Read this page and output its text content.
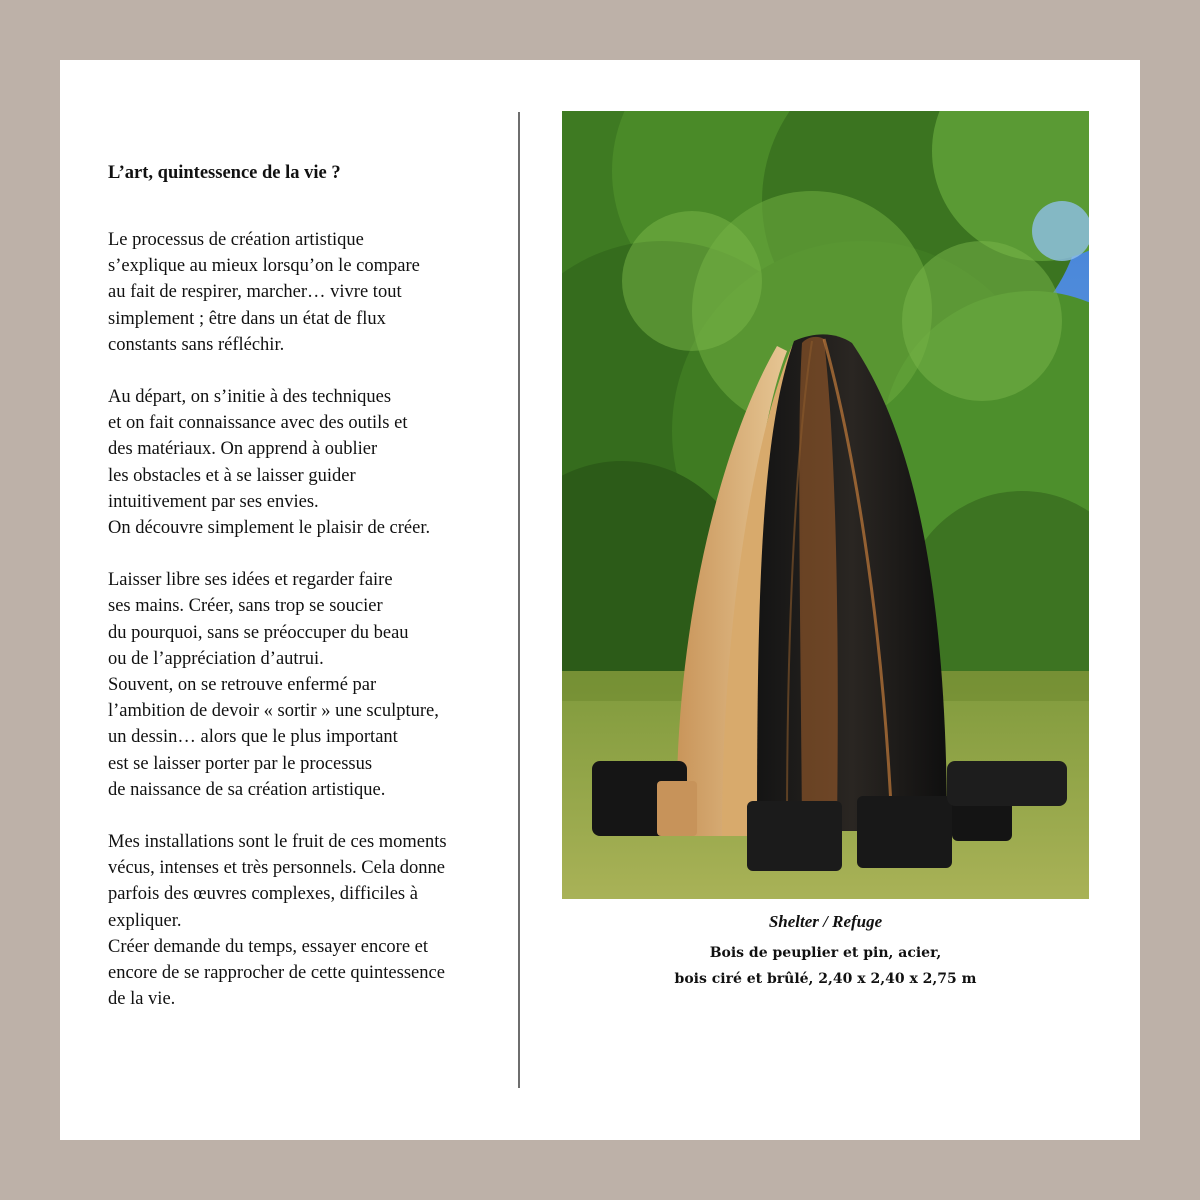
L’art, quintessence de la vie ?

Le processus de création artistique
s’explique au mieux lorsqu’on le compare
au fait de respirer, marcher… vivre tout
simplement ; être dans un état de flux
constants sans réfléchir.

Au départ, on s’initie à des techniques
et on fait connaissance avec des outils et
des matériaux. On apprend à oublier
les obstacles et à se laisser guider
intuitivement par ses envies.
On découvre simplement le plaisir de créer.

Laisser libre ses idées et regarder faire
ses mains. Créer, sans trop se soucier
du pourquoi, sans se préoccuper du beau
ou de l’appréciation d’autrui.
Souvent, on se retrouve enfermé par
l’ambition de devoir « sortir » une sculpture,
un dessin… alors que le plus important
est se laisser porter par le processus
de naissance de sa création artistique.

Mes installations sont le fruit de ces moments
vécus, intenses et très personnels. Cela donne
parfois des œuvres complexes, difficiles à
expliquer.
Créer demande du temps, essayer encore et
encore de se rapprocher de cette quintessence
de la vie.

Shelter / Refuge
Bois de peuplier et pin, acier,
bois ciré et brûlé, 2,40 x 2,40 x 2,75 m
